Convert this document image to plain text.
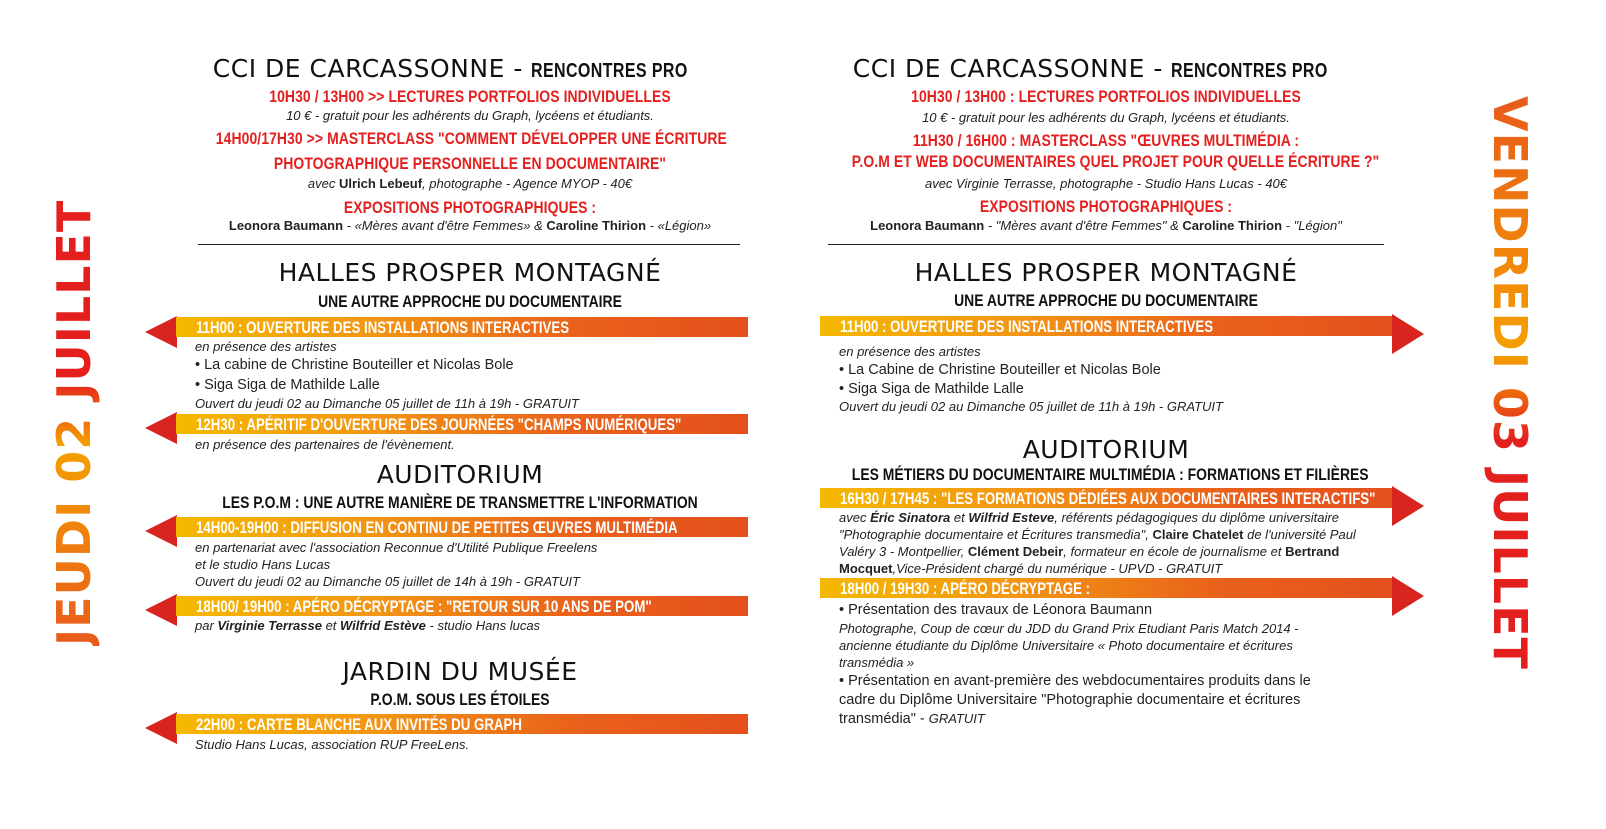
JEUDI 02 JUILLET	VENDREDI 03 JUILLET
CCI DE CARCASSONNE - RENCONTRES PRO
10H30 / 13H00 >> LECTURES PORTFOLIOS INDIVIDUELLES
10 € - gratuit pour les adhérents du Graph, lycéens et étudiants.
14H00/17H30 >> MASTERCLASS "COMMENT DÉVELOPPER UNE ÉCRITURE
PHOTOGRAPHIQUE PERSONNELLE EN DOCUMENTAIRE"
avec Ulrich Lebeuf, photographe - Agence MYOP - 40€
EXPOSITIONS PHOTOGRAPHIQUES :
Leonora Baumann - «Mères avant d'être Femmes» & Caroline Thirion - «Légion»
HALLES PROSPER MONTAGNÉ
UNE AUTRE APPROCHE DU DOCUMENTAIRE
11H00 : OUVERTURE DES INSTALLATIONS INTERACTIVES
en présence des artistes
• La cabine de Christine Bouteiller et Nicolas Bole
• Siga Siga de Mathilde Lalle
Ouvert du jeudi 02 au Dimanche 05 juillet de 11h à 19h - GRATUIT
12H30 : APÉRITIF D'OUVERTURE DES JOURNÉES "CHAMPS NUMÉRIQUES"
en présence des partenaires de l'évènement.
AUDITORIUM
LES P.O.M : UNE AUTRE MANIÈRE DE TRANSMETTRE L'INFORMATION
14H00-19H00 : DIFFUSION EN CONTINU DE PETITES ŒUVRES MULTIMÉDIA
en partenariat avec l'association Reconnue d'Utilité Publique Freelens
et le studio Hans Lucas
Ouvert du jeudi 02 au Dimanche 05 juillet de 14h à 19h - GRATUIT
18H00/ 19H00 : APÉRO DÉCRYPTAGE : "RETOUR SUR 10 ANS DE POM"
par Virginie Terrasse et Wilfrid Estève - studio Hans lucas
JARDIN DU MUSÉE
P.O.M. SOUS LES ÉTOILES
22H00 : CARTE BLANCHE AUX INVITÉS DU GRAPH
Studio Hans Lucas, association RUP FreeLens.
CCI DE CARCASSONNE - RENCONTRES PRO
10H30 / 13H00 : LECTURES PORTFOLIOS INDIVIDUELLES
10 € - gratuit pour les adhérents du Graph, lycéens et étudiants.
11H30 / 16H00 : MASTERCLASS "ŒUVRES MULTIMÉDIA :
P.O.M ET WEB DOCUMENTAIRES QUEL PROJET POUR QUELLE ÉCRITURE ?"
avec Virginie Terrasse, photographe - Studio Hans Lucas - 40€
EXPOSITIONS PHOTOGRAPHIQUES :
Leonora Baumann - "Mères avant d'être Femmes" & Caroline Thirion - "Légion"
HALLES PROSPER MONTAGNÉ
UNE AUTRE APPROCHE DU DOCUMENTAIRE
11H00 : OUVERTURE DES INSTALLATIONS INTERACTIVES
en présence des artistes
• La Cabine de Christine Bouteiller et Nicolas Bole
• Siga Siga de Mathilde Lalle
Ouvert du jeudi 02 au Dimanche 05 juillet de 11h à 19h - GRATUIT
AUDITORIUM
LES MÉTIERS DU DOCUMENTAIRE MULTIMÉDIA : FORMATIONS ET FILIÈRES
16H30 / 17H45 : "LES FORMATIONS DÉDIÉES AUX DOCUMENTAIRES INTERACTIFS"
avec Éric Sinatora et Wilfrid Esteve, référents pédagogiques du diplôme universitaire
"Photographie documentaire et Écritures transmedia", Claire Chatelet de l'université Paul
Valéry 3 - Montpellier, Clément Debeir, formateur en école de journalisme et Bertrand
Mocquet,Vice-Président chargé du numérique - UPVD - GRATUIT
18H00 / 19H30 : APÉRO DÉCRYPTAGE :
• Présentation des travaux de Léonora Baumann
Photographe, Coup de cœur du JDD du Grand Prix Etudiant Paris Match 2014 -
ancienne étudiante du Diplôme Universitaire « Photo documentaire et écritures
transmédia »
• Présentation en avant-première des webdocumentaires produits dans le
cadre du Diplôme Universitaire "Photographie documentaire et écritures
transmédia" - GRATUIT
